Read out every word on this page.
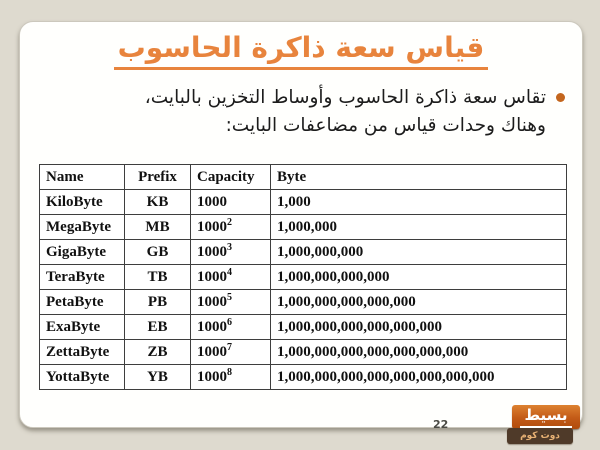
قياس سعة ذاكرة الحاسوب
تقاس سعة ذاكرة الحاسوب وأوساط التخزين بالبايت،
وهناك وحدات قياس من مضاعفات البايت:
Name	Prefix	Capacity	Byte
KiloByte	KB	1000	1,000
MegaByte	MB	1000$^2$	1,000,000
GigaByte	GB	1000$^3$	1,000,000,000
TeraByte	TB	1000$^4$	1,000,000,000,000
PetaByte	PB	1000$^5$	1,000,000,000,000,000
ExaByte	EB	1000$^6$	1,000,000,000,000,000,000
ZettaByte	ZB	1000$^7$	1,000,000,000,000,000,000,000
YottaByte	YB	1000$^8$	1,000,000,000,000,000,000,000,000
22
بسيط
دوت كوم
